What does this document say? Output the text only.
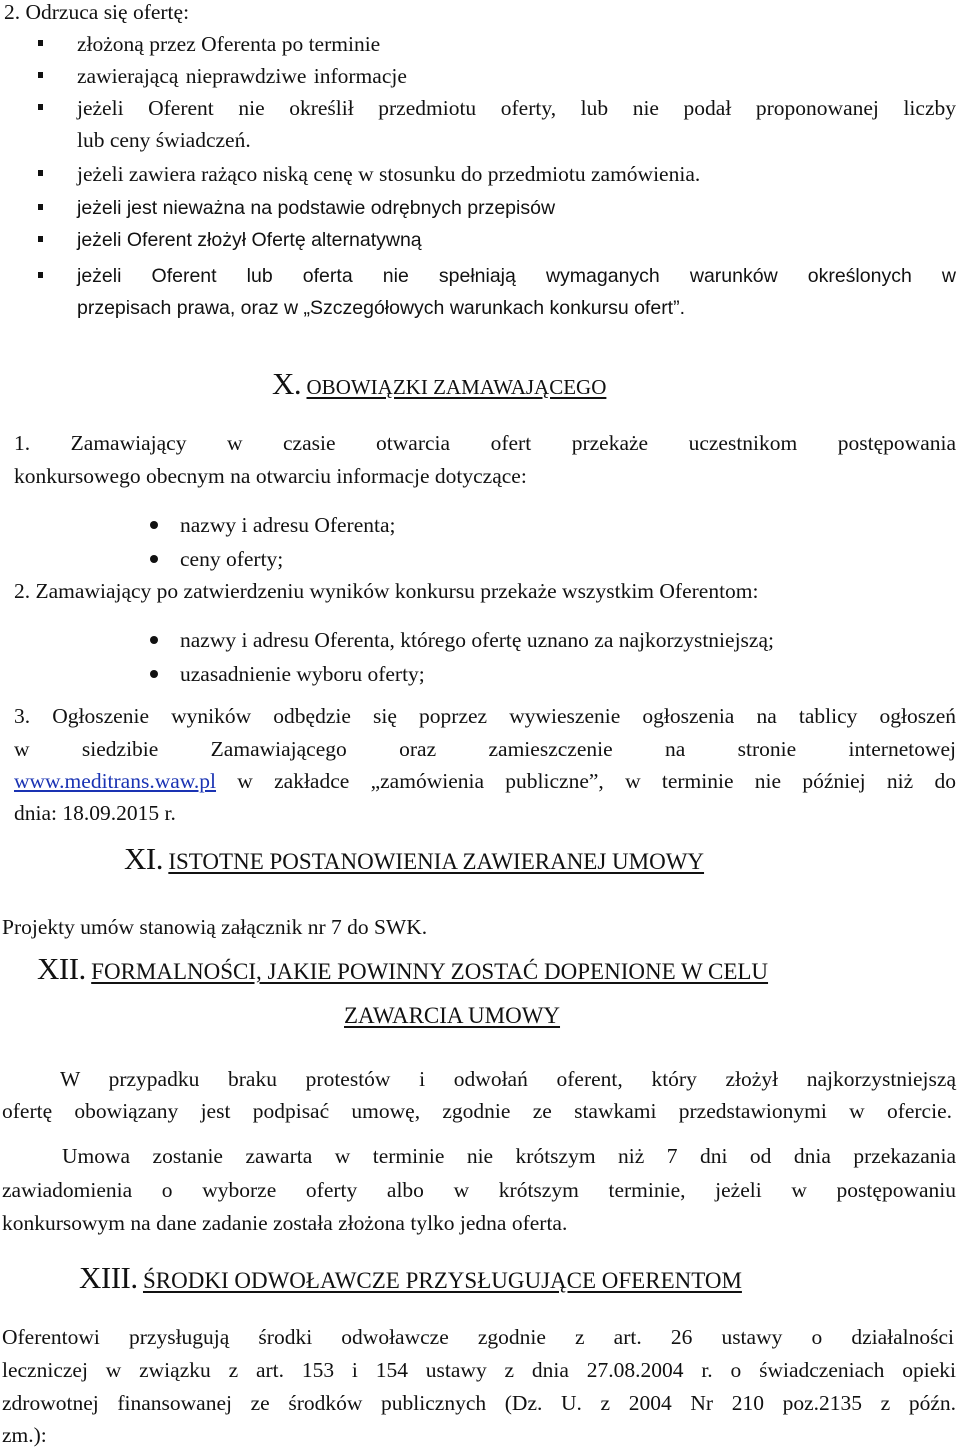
2. Odrzuca się ofertę:
złożoną przez Oferenta po terminie
zawierającą nieprawdziwe informacje
jeżeli Oferent nie określił przedmiotu oferty, lub nie podał proponowanej liczby
lub ceny świadczeń.
jeżeli zawiera rażąco niską cenę w stosunku do przedmiotu zamówienia.
jeżeli jest nieważna na podstawie odrębnych przepisów
jeżeli Oferent złożył Ofertę alternatywną
jeżeli Oferent lub oferta nie spełniają wymaganych warunków określonych w
przepisach prawa, oraz w „Szczegółowych warunkach konkursu ofert”.
X. OBOWIĄZKI ZAMAWAJĄCEGO
1. Zamawiający w czasie otwarcia ofert przekaże uczestnikom postępowania
konkursowego obecnym na otwarciu informacje dotyczące:
nazwy i adresu Oferenta;
ceny oferty;
2. Zamawiający po zatwierdzeniu wyników konkursu przekaże wszystkim Oferentom:
nazwy i adresu Oferenta, którego ofertę uznano za najkorzystniejszą;
uzasadnienie wyboru oferty;
3. Ogłoszenie wyników odbędzie się poprzez wywieszenie ogłoszenia na tablicy ogłoszeń
w siedzibie Zamawiającego oraz zamieszczenie na stronie internetowej
www.meditrans.waw.pl w zakładce „zamówienia publiczne”, w terminie nie później niż do
dnia: 18.09.2015 r.
XI. ISTOTNE POSTANOWIENIA ZAWIERANEJ UMOWY
Projekty umów stanowią załącznik nr 7 do SWK.
XII. FORMALNOŚCI, JAKIE POWINNY ZOSTAĆ DOPENIONE W CELU
ZAWARCIA UMOWY
W przypadku braku protestów i odwołań oferent, który złożył najkorzystniejszą
ofertę obowiązany jest podpisać umowę, zgodnie ze stawkami przedstawionymi w ofercie.
Umowa zostanie zawarta w terminie nie krótszym niż 7 dni od dnia przekazania
zawiadomienia o wyborze oferty albo w krótszym terminie, jeżeli w postępowaniu
konkursowym na dane zadanie została złożona tylko jedna oferta.
XIII. ŚRODKI ODWOŁAWCZE PRZYSŁUGUJĄCE OFERENTOM
Oferentowi przysługują środki odwoławcze zgodnie z art. 26 ustawy o działalności
leczniczej w związku z art. 153 i 154 ustawy z dnia 27.08.2004 r. o świadczeniach opieki
zdrowotnej finansowanej ze środków publicznych (Dz. U. z 2004 Nr 210 poz.2135 z późn.
zm.):
